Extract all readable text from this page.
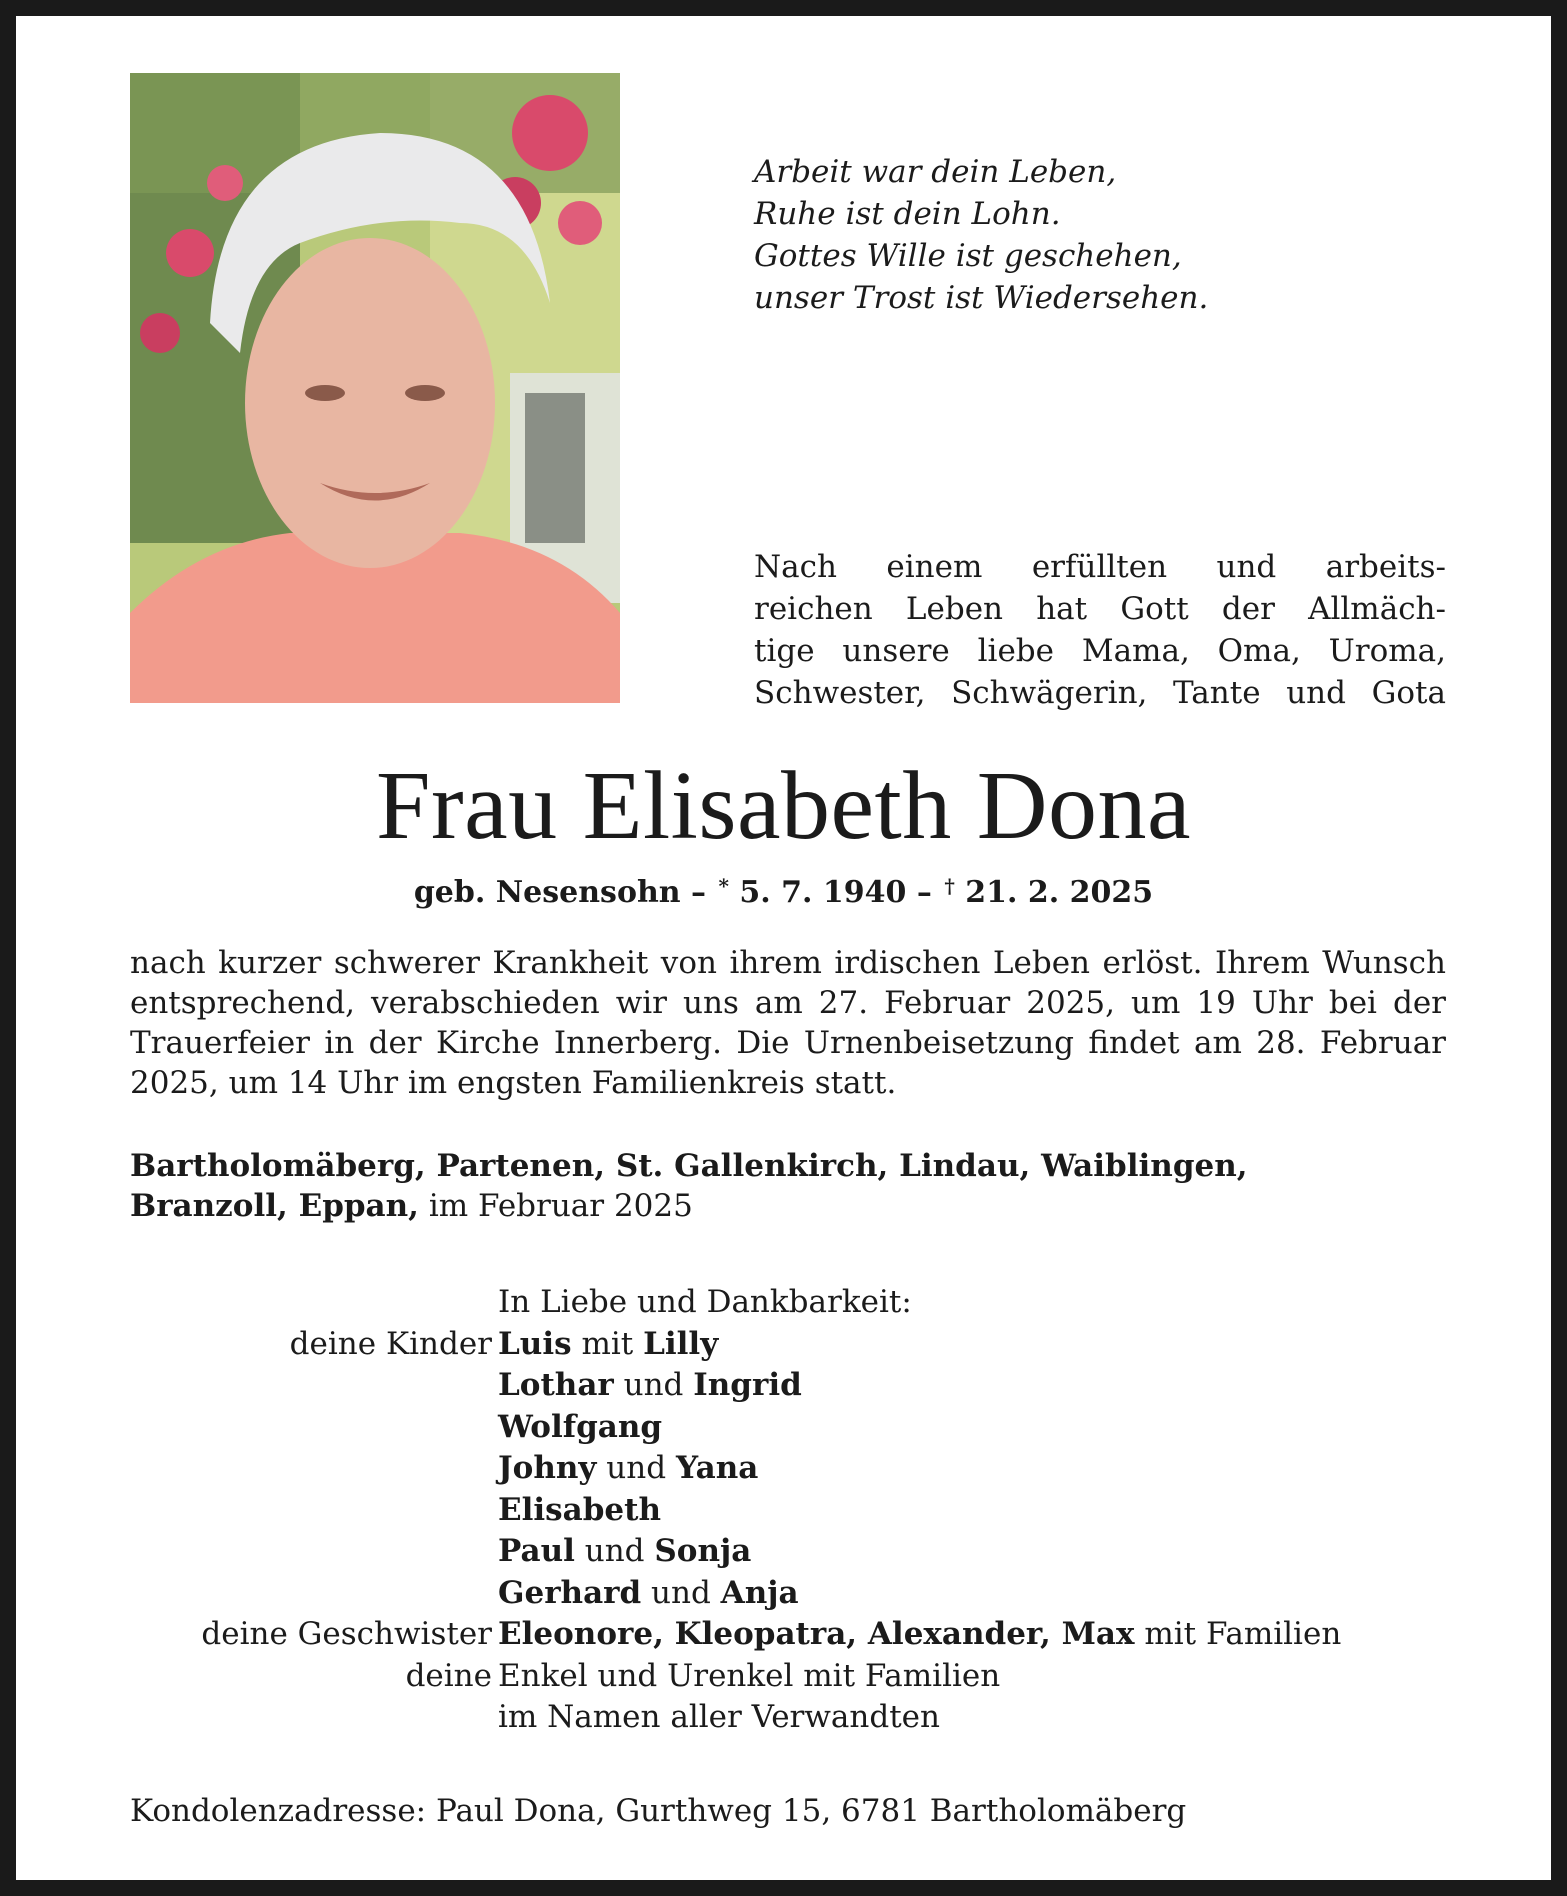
Arbeit war dein Leben,
Ruhe ist dein Lohn.
Gottes Wille ist geschehen,
unser Trost ist Wiedersehen.
Nach einem erfüllten und arbeits-
reichen Leben hat Gott der Allmäch-
tige unsere liebe Mama, Oma, Uroma,
Schwester, Schwägerin, Tante und Gota
Frau Elisabeth Dona
geb. Nesensohn – * 5. 7. 1940 – † 21. 2. 2025
nach kurzer schwerer Krankheit von ihrem irdischen Leben erlöst. Ihrem Wunsch entsprechend, verabschieden wir uns am 27. Februar 2025, um 19 Uhr bei der Trauerfeier in der Kirche Innerberg. Die Urnenbeisetzung findet am 28. Februar 2025, um 14 Uhr im engsten Familienkreis statt.
Bartholomäberg, Partenen, St. Gallenkirch, Lindau, Waiblingen,
Branzoll, Eppan, im Februar 2025
In Liebe und Dankbarkeit:
deine Kinder Luis mit Lilly
Lothar und Ingrid
Wolfgang
Johny und Yana
Elisabeth
Paul und Sonja
Gerhard und Anja
deine Geschwister Eleonore, Kleopatra, Alexander, Max mit Familien
deine Enkel und Urenkel mit Familien
im Namen aller Verwandten
Kondolenzadresse: Paul Dona, Gurthweg 15, 6781 Bartholomäberg
